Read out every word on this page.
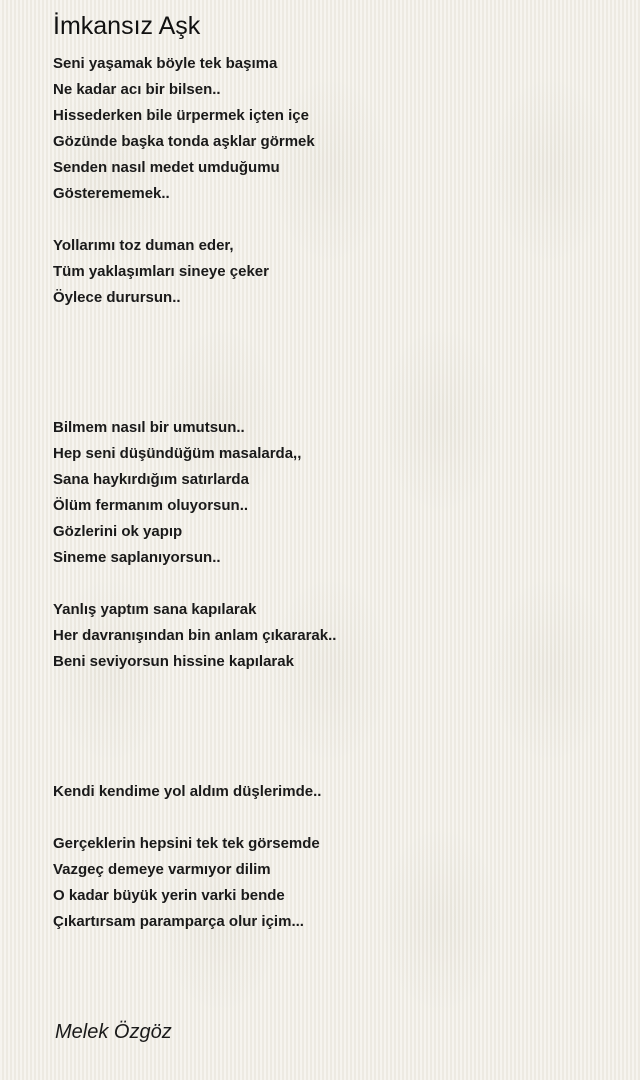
İmkansız Aşk
Seni yaşamak böyle tek başıma
Ne kadar acı bir bilsen..
Hissederken bile ürpermek içten içe
Gözünde başka tonda aşklar görmek
Senden nasıl medet umduğumu
Gösterememek..
Yollarımı toz duman eder,
Tüm yaklaşımları sineye çeker
Öylece durursun..
Bilmem nasıl bir umutsun..
Hep seni düşündüğüm masalarda,,
Sana haykırdığım satırlarda
Ölüm fermanım oluyorsun..
Gözlerini ok yapıp
Sineme saplanıyorsun..
Yanlış yaptım sana kapılarak
Her davranışından bin anlam çıkararak..
Beni seviyorsun hissine kapılarak
Kendi kendime yol aldım düşlerimde..
Gerçeklerin hepsini tek tek görsemde
Vazgeç demeye varmıyor dilim
O kadar büyük yerin varki bende
Çıkartırsam paramparça olur içim...

Melek Özgöz
